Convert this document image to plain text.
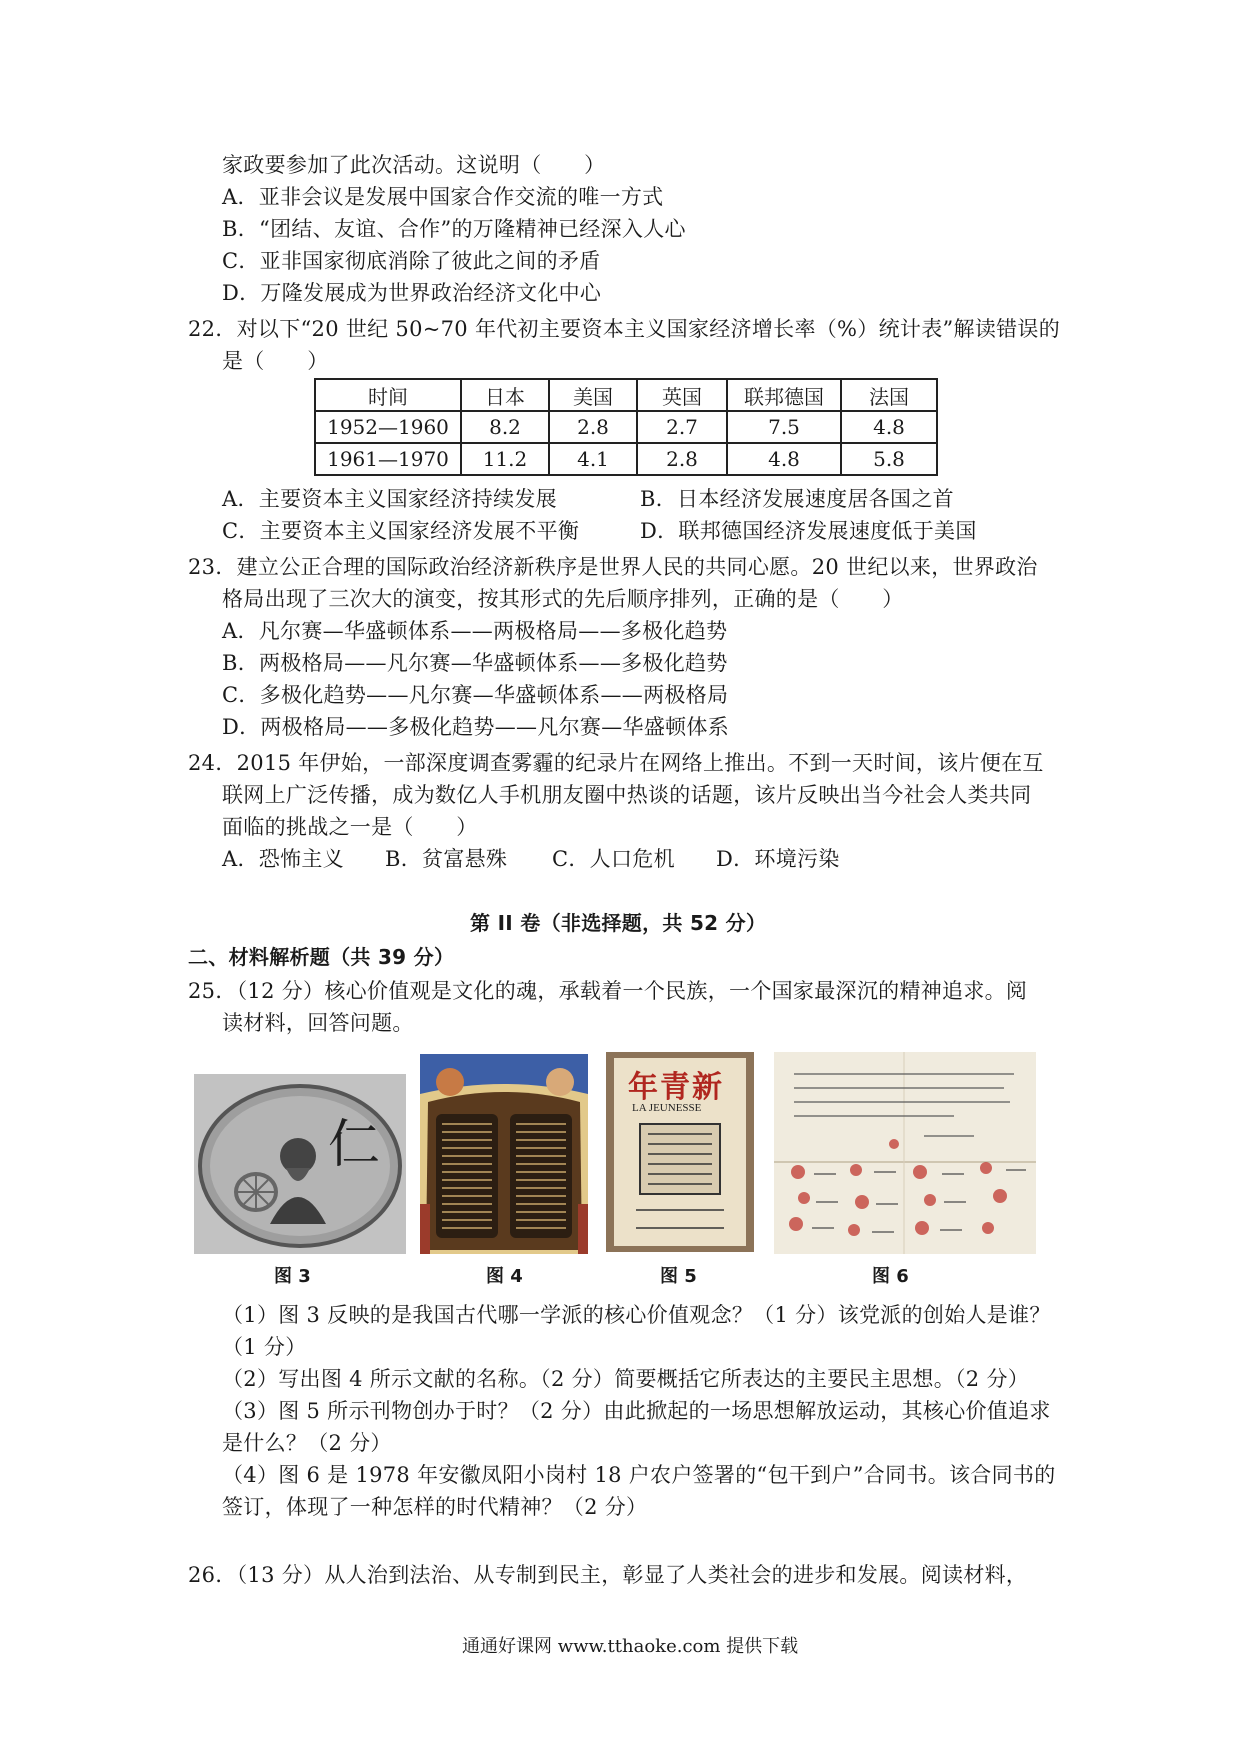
家政要参加了此次活动。这说明（　　）
A．亚非会议是发展中国家合作交流的唯一方式
B．“团结、友谊、合作”的万隆精神已经深入人心
C．亚非国家彻底消除了彼此之间的矛盾
D．万隆发展成为世界政治经济文化中心
22．对以下“20 世纪 50~70 年代初主要资本主义国家经济增长率（%）统计表”解读错误的
是（　　）
时间	日本	美国	英国	联邦德国	法国
1952—1960	8.2	2.8	2.7	7.5	4.8
1961—1970	11.2	4.1	2.8	4.8	5.8
A．主要资本主义国家经济持续发展	B．日本经济发展速度居各国之首
C．主要资本主义国家经济发展不平衡	D．联邦德国经济发展速度低于美国
23．建立公正合理的国际政治经济新秩序是世界人民的共同心愿。20 世纪以来，世界政治
格局出现了三次大的演变，按其形式的先后顺序排列，正确的是（　　）
A．凡尔赛—华盛顿体系——两极格局——多极化趋势
B．两极格局——凡尔赛—华盛顿体系——多极化趋势
C．多极化趋势——凡尔赛—华盛顿体系——两极格局
D．两极格局——多极化趋势——凡尔赛—华盛顿体系
24．2015 年伊始，一部深度调查雾霾的纪录片在网络上推出。不到一天时间，该片便在互
联网上广泛传播，成为数亿人手机朋友圈中热谈的话题，该片反映出当今社会人类共同
面临的挑战之一是（　　）
A．恐怖主义 B．贫富悬殊 C．人口危机 D．环境污染
第 II 卷（非选择题，共 52 分）
二、材料解析题（共 39 分）
25．（12 分）核心价值观是文化的魂，承载着一个民族，一个国家最深沉的精神追求。阅
读材料，回答问题。
仁
年青新
LA JEUNESSE
图 3	图 4	图 5	图 6
（1）图 3 反映的是我国古代哪一学派的核心价值观念？（1 分）该党派的创始人是谁？
（1 分）
（2）写出图 4 所示文献的名称。（2 分）简要概括它所表达的主要民主思想。（2 分）
（3）图 5 所示刊物创办于时？（2 分）由此掀起的一场思想解放运动，其核心价值追求
是什么？（2 分）
（4）图 6 是 1978 年安徽凤阳小岗村 18 户农户签署的“包干到户”合同书。该合同书的
签订，体现了一种怎样的时代精神？（2 分）
26．（13 分）从人治到法治、从专制到民主，彰显了人类社会的进步和发展。阅读材料，
通通好课网 www.tthaoke.com 提供下载
